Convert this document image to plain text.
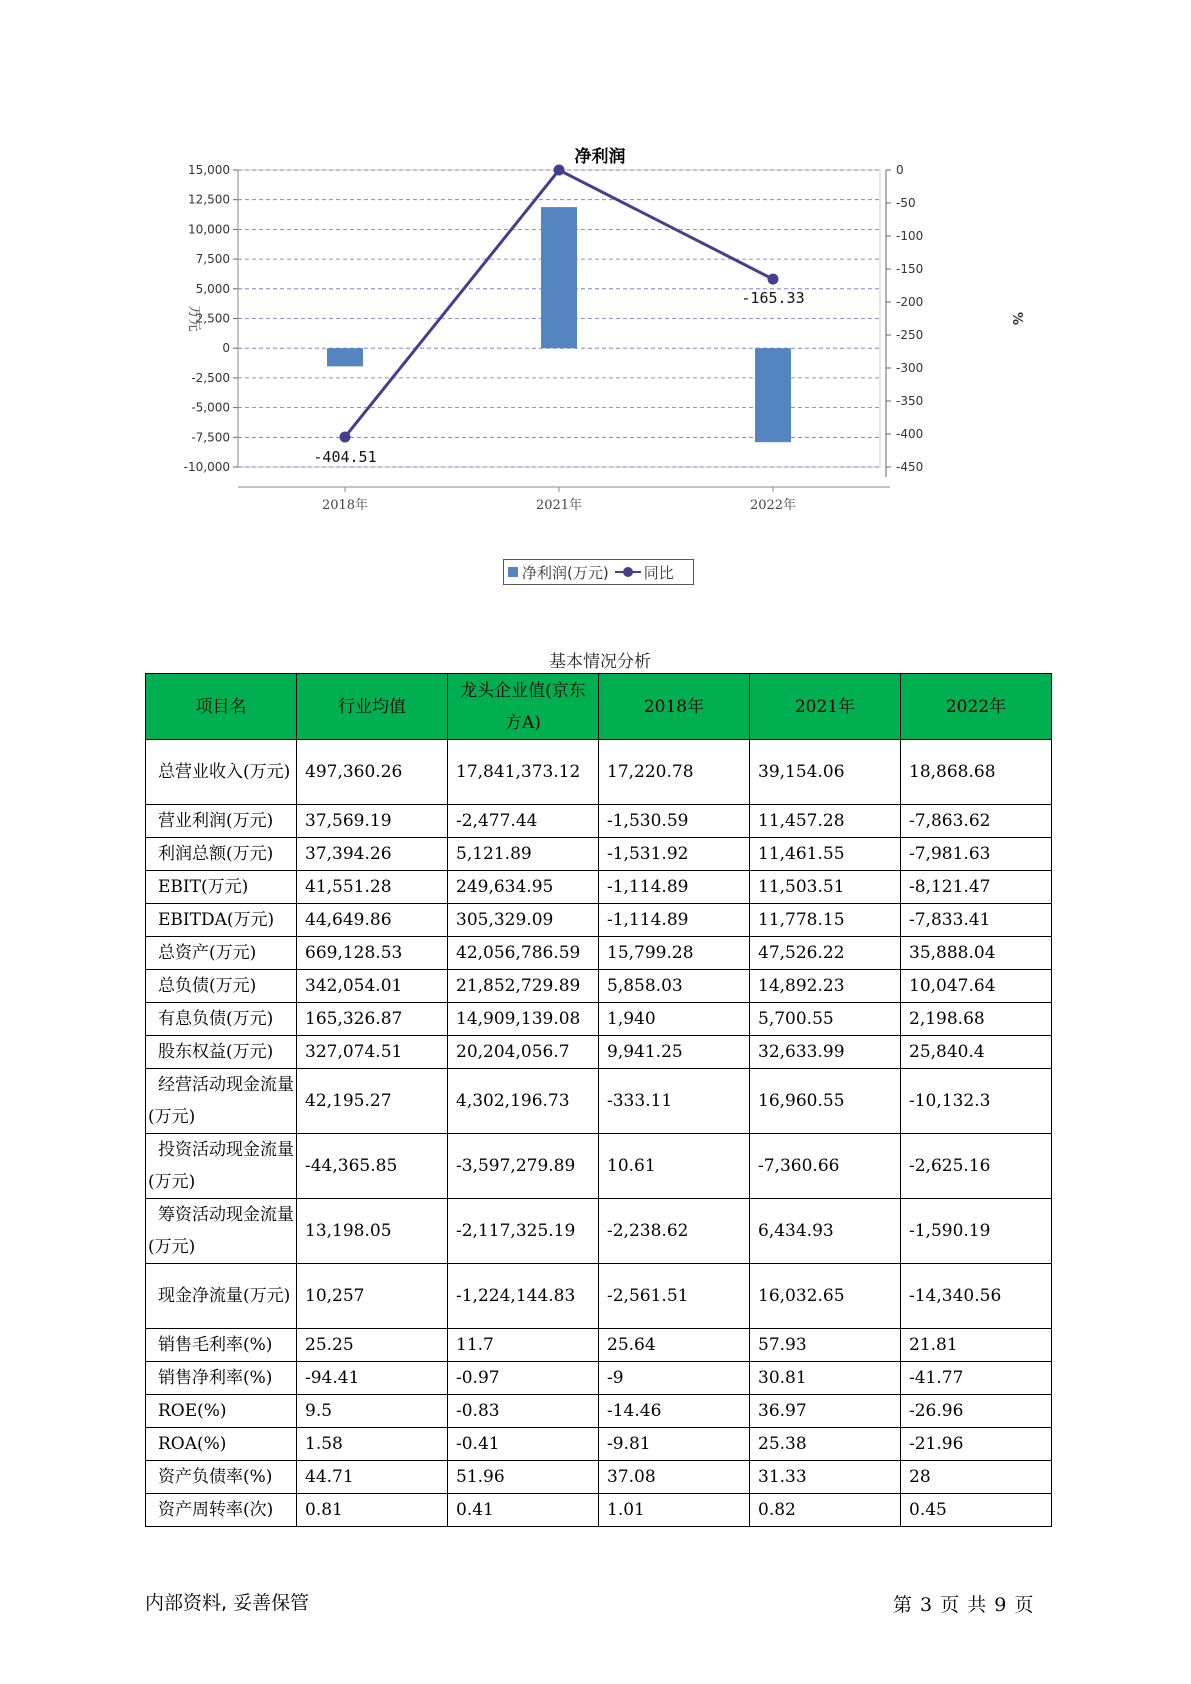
净利润
15,000
12,500
10,000
7,500
5,000
2,500
0
-2,500
-5,000
-7,500
-10,000
0
-50
-100
-150
-200
-250
-300
-350
-400
-450
万元	%
2018年	2021年	2022年
-404.51
-165.33
净利润(万元) 同比
基本情况分析
项目名	行业均值	龙头企业值(京东方A)	2018年	2021年	2022年
总营业收入(万元)	497,360.26	17,841,373.12	17,220.78	39,154.06	18,868.68
营业利润(万元)	37,569.19	-2,477.44	-1,530.59	11,457.28	-7,863.62
利润总额(万元)	37,394.26	5,121.89	-1,531.92	11,461.55	-7,981.63
EBIT(万元)	41,551.28	249,634.95	-1,114.89	11,503.51	-8,121.47
EBITDA(万元)	44,649.86	305,329.09	-1,114.89	11,778.15	-7,833.41
总资产(万元)	669,128.53	42,056,786.59	15,799.28	47,526.22	35,888.04
总负债(万元)	342,054.01	21,852,729.89	5,858.03	14,892.23	10,047.64
有息负债(万元)	165,326.87	14,909,139.08	1,940	5,700.55	2,198.68
股东权益(万元)	327,074.51	20,204,056.7	9,941.25	32,633.99	25,840.4
经营活动现金流量(万元)	42,195.27	4,302,196.73	-333.11	16,960.55	-10,132.3
投资活动现金流量(万元)	-44,365.85	-3,597,279.89	10.61	-7,360.66	-2,625.16
筹资活动现金流量(万元)	13,198.05	-2,117,325.19	-2,238.62	6,434.93	-1,590.19
现金净流量(万元)	10,257	-1,224,144.83	-2,561.51	16,032.65	-14,340.56
销售毛利率(%)	25.25	11.7	25.64	57.93	21.81
销售净利率(%)	-94.41	-0.97	-9	30.81	-41.77
ROE(%)	9.5	-0.83	-14.46	36.97	-26.96
ROA(%)	1.58	-0.41	-9.81	25.38	-21.96
资产负债率(%)	44.71	51.96	37.08	31.33	28
资产周转率(次)	0.81	0.41	1.01	0.82	0.45
内部资料, 妥善保管	第 3 页 共 9 页
